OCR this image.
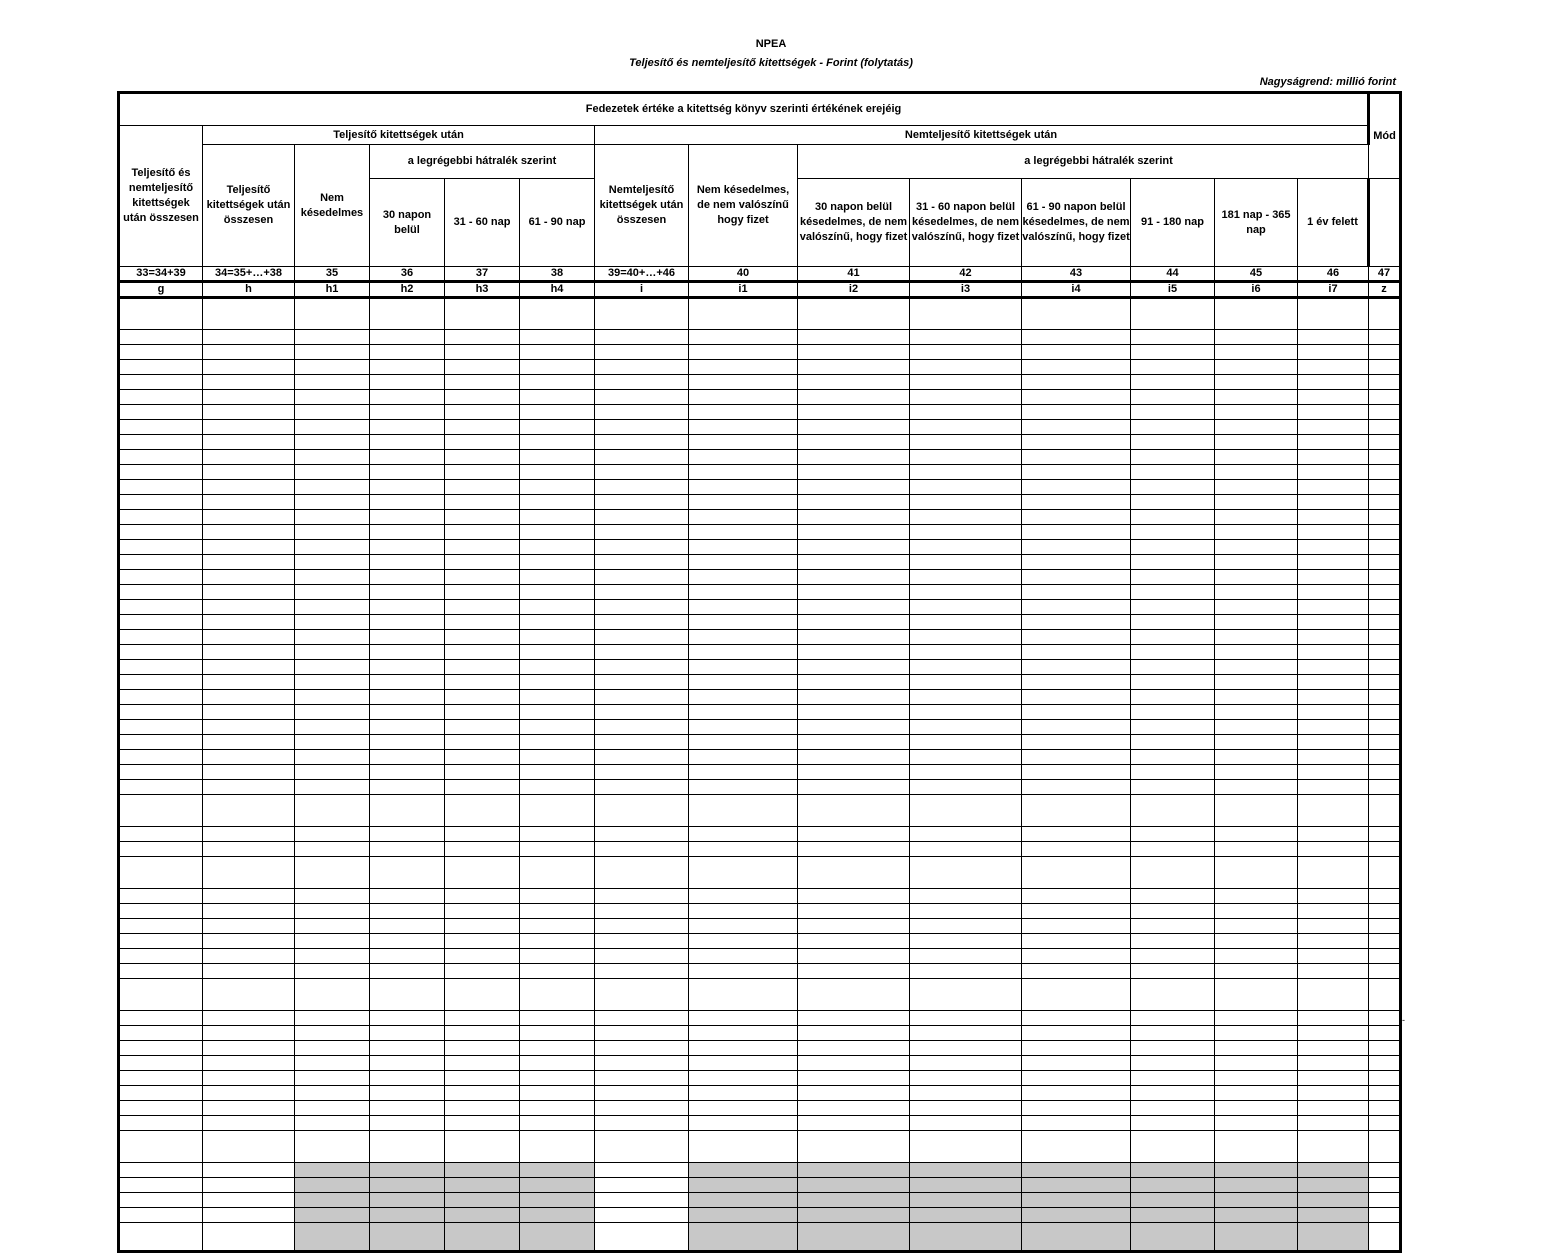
NPEA
Teljesítő és nemteljesítő kitettségek - Forint (folytatás)
Nagyságrend: millió forint
Fedezetek értéke a kitettség könyv szerinti értékének erejéig														Mód
Teljesítő és nemteljesítő kitettségek után összesen	Teljesítő kitettségek után					Nemteljesítő kitettségek után								
	Teljesítő kitettségek után összesen	Nem késedelmes	a legrégebbi hátralék szerint			Nemteljesítő kitettségek után összesen	Nem késedelmes, de nem valószínű hogy fizet	a legrégebbi hátralék szerint						
			30 napon belül	31 - 60 nap	61 - 90 nap			30 napon belül késedelmes, de nem valószínű, hogy fizet	31 - 60 napon belül késedelmes, de nem valószínű, hogy fizet	61 - 90 napon belül késedelmes, de nem valószínű, hogy fizet	91 - 180 nap	181 nap - 365 nap	1 év felett	
33=34+39	34=35+…+38	35	36	37	38	39=40+…+46	40	41	42	43	44	45	46	47
g	h	h1	h2	h3	h4	i	i1	i2	i3	i4	i5	i6	i7	z

-
